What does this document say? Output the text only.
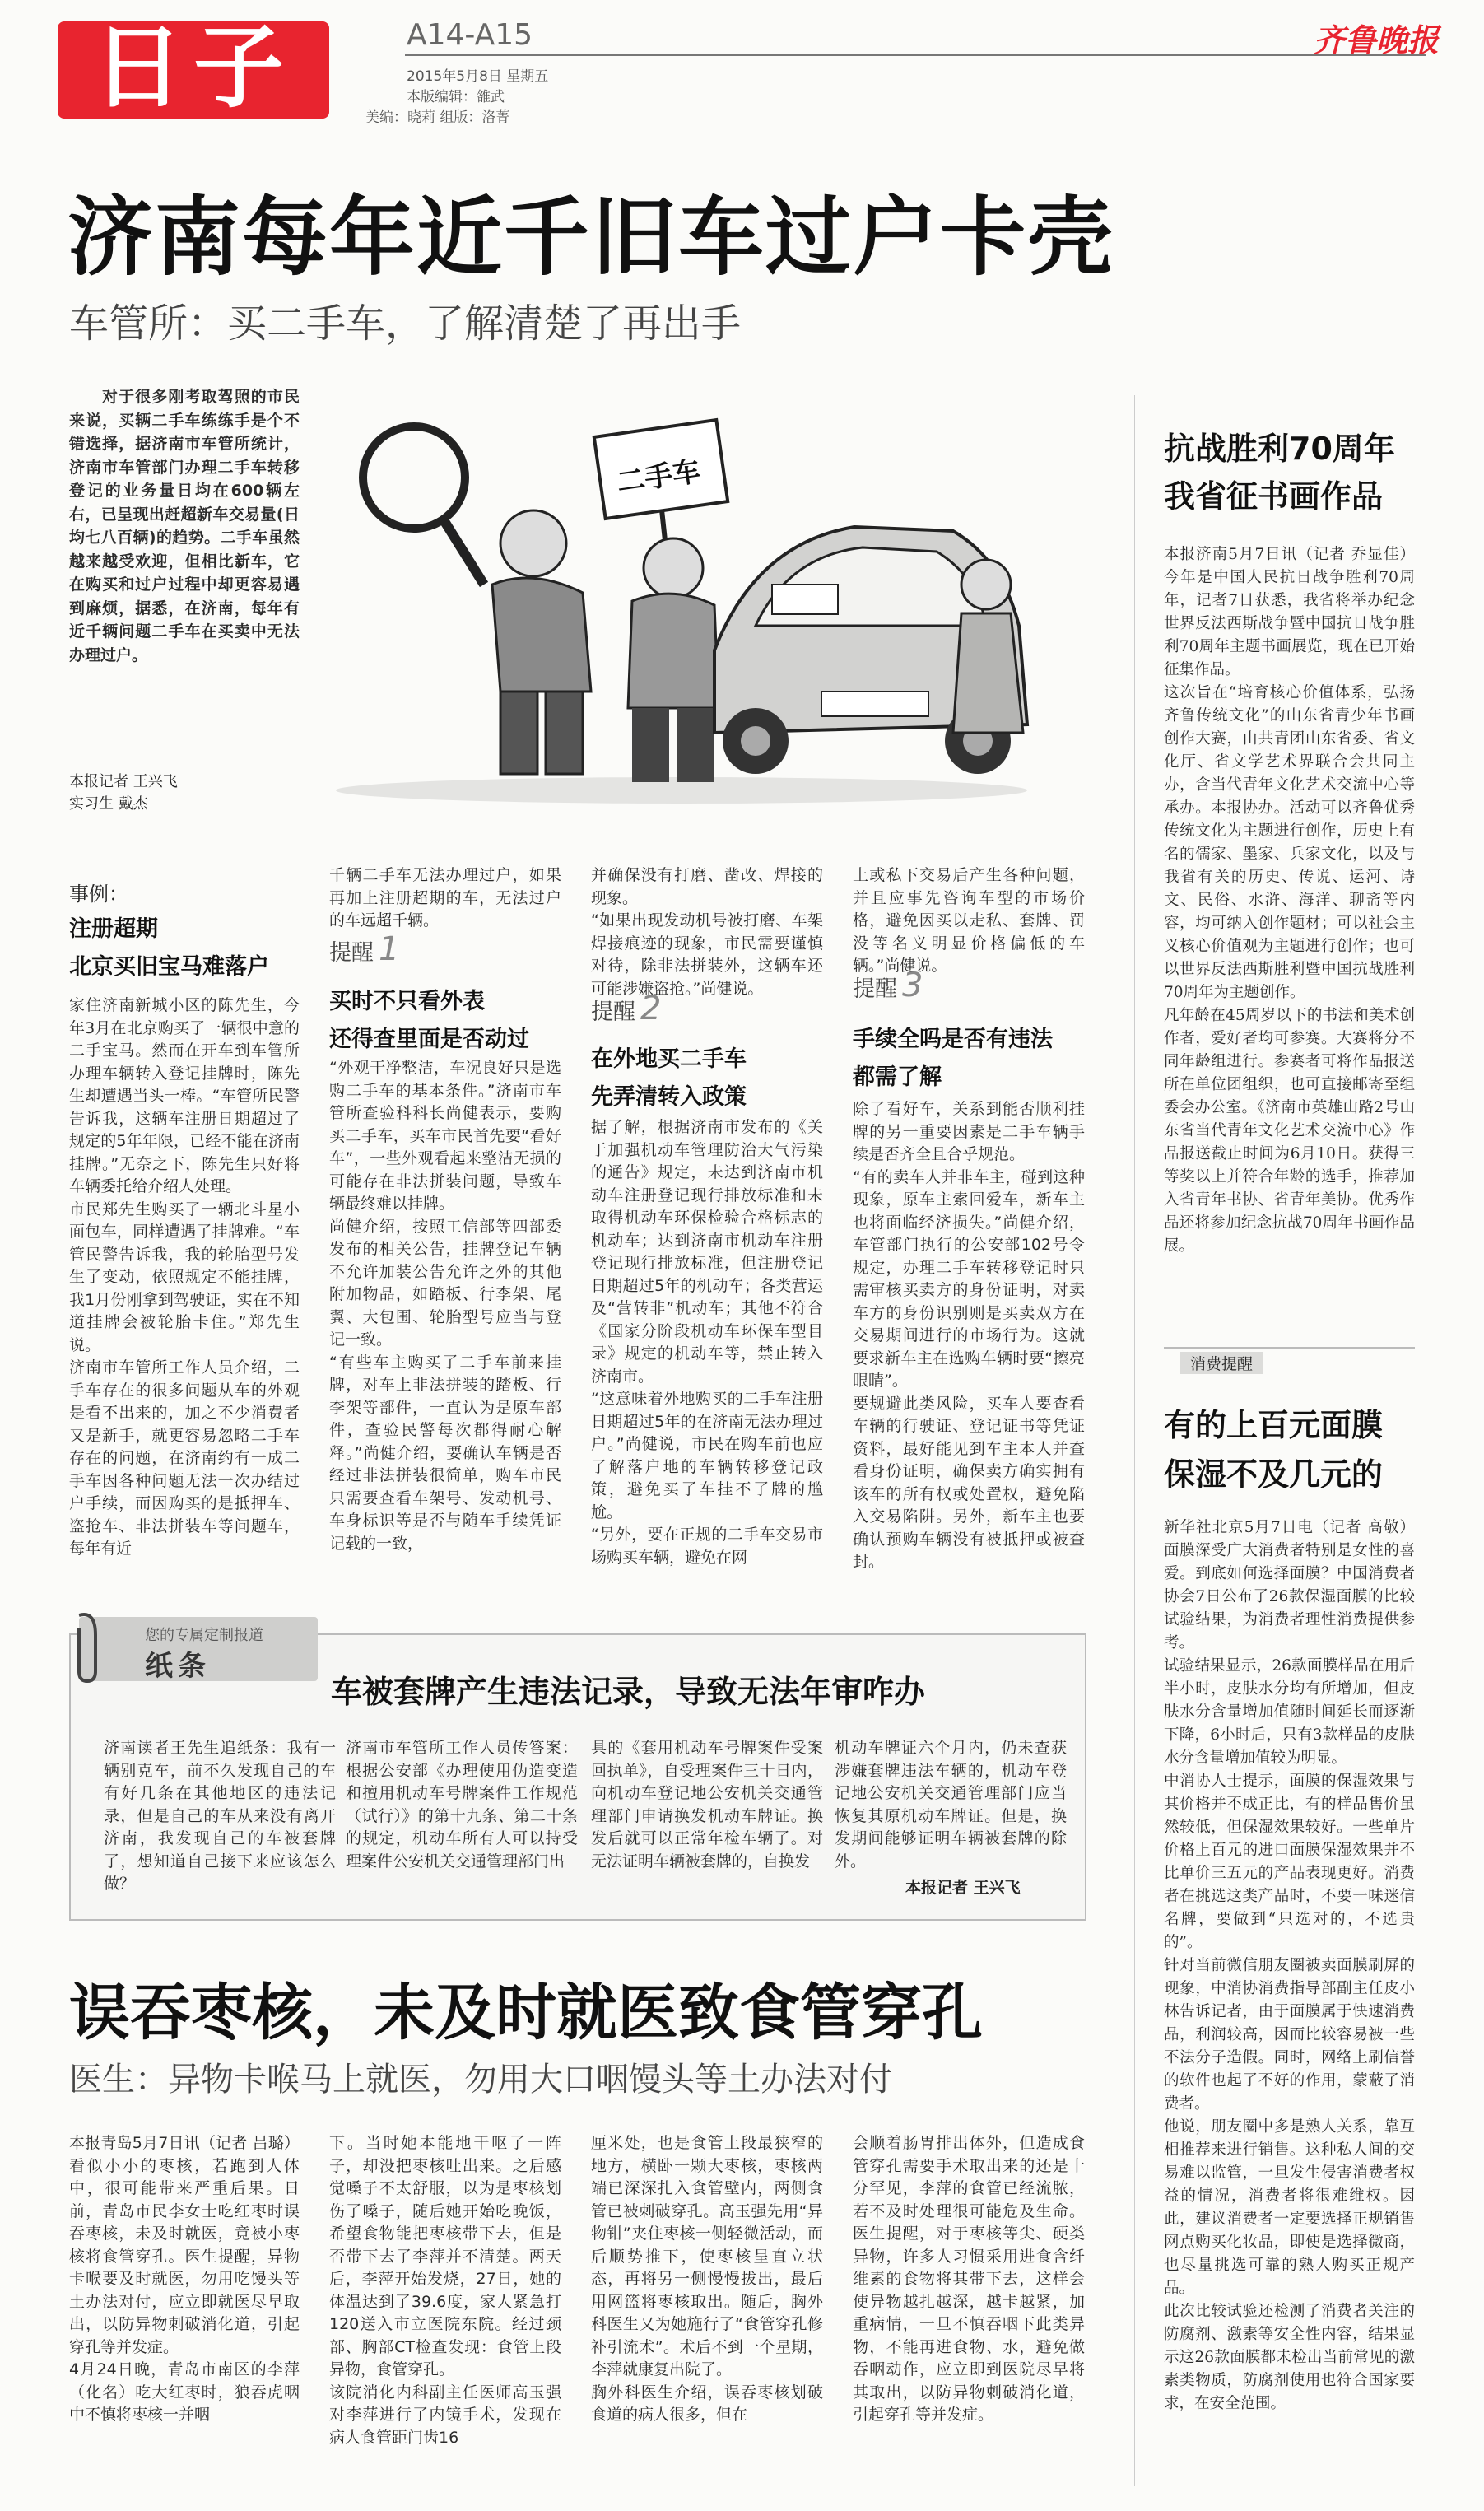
日子	A14-A15
2015年5月8日 星期五
本版编辑：雒武
美编：晓莉 组版：洛菁
齐鲁晚报
济南每年近千旧车过户卡壳
车管所：买二手车，了解清楚了再出手
对于很多刚考取驾照的市民来说，买辆二手车练练手是个不错选择，据济南市车管所统计，济南市车管部门办理二手车转移登记的业务量日均在600辆左右，已呈现出赶超新车交易量(日均七八百辆)的趋势。二手车虽然越来越受欢迎，但相比新车，它在购买和过户过程中却更容易遇到麻烦，据悉，在济南，每年有近千辆问题二手车在买卖中无法办理过户。
本报记者 王兴飞
实习生 戴杰
二手车
事例：
注册超期
北京买旧宝马难落户
家住济南新城小区的陈先生，今年3月在北京购买了一辆很中意的二手宝马。然而在开车到车管所办理车辆转入登记挂牌时，陈先生却遭遇当头一棒。“车管所民警告诉我，这辆车注册日期超过了规定的5年年限，已经不能在济南挂牌。”无奈之下，陈先生只好将车辆委托给介绍人处理。
市民郑先生购买了一辆北斗星小面包车，同样遭遇了挂牌难。“车管民警告诉我，我的轮胎型号发生了变动，依照规定不能挂牌，我1月份刚拿到驾驶证，实在不知道挂牌会被轮胎卡住。”郑先生说。
济南市车管所工作人员介绍，二手车存在的很多问题从车的外观是看不出来的，加之不少消费者又是新手，就更容易忽略二手车存在的问题，在济南约有一成二手车因各种问题无法一次办结过户手续，而因购买的是抵押车、盗抢车、非法拼装车等问题车，每年有近
千辆二手车无法办理过户，如果再加上注册超期的车，无法过户的车远超千辆。
提醒 1
买时不只看外表
还得查里面是否动过
“外观干净整洁，车况良好只是选购二手车的基本条件。”济南市车管所查验科科长尚健表示，要购买二手车，买车市民首先要“看好车”，一些外观看起来整洁无损的可能存在非法拼装问题，导致车辆最终难以挂牌。
尚健介绍，按照工信部等四部委发布的相关公告，挂牌登记车辆不允许加装公告允许之外的其他附加物品，如踏板、行李架、尾翼、大包围、轮胎型号应当与登记一致。
“有些车主购买了二手车前来挂牌，对车上非法拼装的踏板、行李架等部件，一直认为是原车部件，查验民警每次都得耐心解释。”尚健介绍，要确认车辆是否经过非法拼装很简单，购车市民只需要查看车架号、发动机号、车身标识等是否与随车手续凭证记载的一致，
并确保没有打磨、凿改、焊接的现象。
“如果出现发动机号被打磨、车架焊接痕迹的现象，市民需要谨慎对待，除非法拼装外，这辆车还可能涉嫌盗抢。”尚健说。
提醒 2
在外地买二手车
先弄清转入政策
据了解，根据济南市发布的《关于加强机动车管理防治大气污染的通告》规定，未达到济南市机动车注册登记现行排放标准和未取得机动车环保检验合格标志的机动车；达到济南市机动车注册登记现行排放标准，但注册登记日期超过5年的机动车；各类营运及“营转非”机动车；其他不符合《国家分阶段机动车环保车型目录》规定的机动车等，禁止转入济南市。
“这意味着外地购买的二手车注册日期超过5年的在济南无法办理过户。”尚健说，市民在购车前也应了解落户地的车辆转移登记政策，避免买了车挂不了牌的尴尬。
“另外，要在正规的二手车交易市场购买车辆，避免在网
上或私下交易后产生各种问题，并且应事先咨询车型的市场价格，避免因买以走私、套牌、罚没等名义明显价格偏低的车辆。”尚健说。
提醒 3
手续全吗是否有违法
都需了解
除了看好车，关系到能否顺利挂牌的另一重要因素是二手车辆手续是否齐全且合乎规范。
“有的卖车人并非车主，碰到这种现象，原车主索回爱车，新车主也将面临经济损失。”尚健介绍，车管部门执行的公安部102号令规定，办理二手车转移登记时只需审核买卖方的身份证明，对卖车方的身份识别则是买卖双方在交易期间进行的市场行为。这就要求新车主在选购车辆时要“擦亮眼睛”。
要规避此类风险，买车人要查看车辆的行驶证、登记证书等凭证资料，最好能见到车主本人并查看身份证明，确保卖方确实拥有该车的所有权或处置权，避免陷入交易陷阱。另外，新车主也要确认预购车辆没有被抵押或被查封。
您的专属定制报道
纸条
车被套牌产生违法记录，导致无法年审咋办
济南读者王先生追纸条：我有一辆别克车，前不久发现自己的车有好几条在其他地区的违法记录，但是自己的车从来没有离开济南，我发现自己的车被套牌了，想知道自己接下来应该怎么做？
济南市车管所工作人员传答案：根据公安部《办理使用伪造变造和擅用机动车号牌案件工作规范（试行）》的第十九条、第二十条的规定，机动车所有人可以持受理案件公安机关交通管理部门出
具的《套用机动车号牌案件受案回执单》，自受理案件三十日内，向机动车登记地公安机关交通管理部门申请换发机动车牌证。换发后就可以正常年检车辆了。对无法证明车辆被套牌的，自换发
机动车牌证六个月内，仍未查获涉嫌套牌违法车辆的，机动车登记地公安机关交通管理部门应当恢复其原机动车牌证。但是，换发期间能够证明车辆被套牌的除外。
本报记者 王兴飞
误吞枣核，未及时就医致食管穿孔
医生：异物卡喉马上就医，勿用大口咽馒头等土办法对付
本报青岛5月7日讯（记者 吕璐）看似小小的枣核，若跑到人体中，很可能带来严重后果。日前，青岛市民李女士吃红枣时误吞枣核，未及时就医，竟被小枣核将食管穿孔。医生提醒，异物卡喉要及时就医，勿用吃馒头等土办法对付，应立即就医尽早取出，以防异物刺破消化道，引起穿孔等并发症。
4月24日晚，青岛市南区的李萍（化名）吃大红枣时，狼吞虎咽中不慎将枣核一并咽
下。当时她本能地干呕了一阵子，却没把枣核吐出来。之后感觉嗓子不太舒服，以为是枣核划伤了嗓子，随后她开始吃晚饭，希望食物能把枣核带下去，但是否带下去了李萍并不清楚。两天后，李萍开始发烧，27日，她的体温达到了39.6度，家人紧急打120送入市立医院东院。经过颈部、胸部CT检查发现：食管上段异物，食管穿孔。
该院消化内科副主任医师高玉强对李萍进行了内镜手术，发现在病人食管距门齿16
厘米处，也是食管上段最狭窄的地方，横卧一颗大枣核，枣核两端已深深扎入食管壁内，两侧食管已被刺破穿孔。高玉强先用“异物钳”夹住枣核一侧轻微活动，而后顺势推下，使枣核呈直立状态，再将另一侧慢慢拔出，最后用网篮将枣核取出。随后，胸外科医生又为她施行了“食管穿孔修补引流术”。术后不到一个星期，李萍就康复出院了。
胸外科医生介绍，误吞枣核划破食道的病人很多，但在
会顺着肠胃排出体外，但造成食管穿孔需要手术取出来的还是十分罕见，李萍的食管已经流脓，若不及时处理很可能危及生命。医生提醒，对于枣核等尖、硬类异物，许多人习惯采用进食含纤维素的食物将其带下去，这样会使异物越扎越深，越卡越紧，加重病情，一旦不慎吞咽下此类异物，不能再进食物、水，避免做吞咽动作，应立即到医院尽早将其取出，以防异物刺破消化道，引起穿孔等并发症。
抗战胜利70周年
我省征书画作品
本报济南5月7日讯（记者 乔显佳）今年是中国人民抗日战争胜利70周年，记者7日获悉，我省将举办纪念世界反法西斯战争暨中国抗日战争胜利70周年主题书画展览，现在已开始征集作品。
这次旨在“培育核心价值体系，弘扬齐鲁传统文化”的山东省青少年书画创作大赛，由共青团山东省委、省文化厅、省文学艺术界联合会共同主办，含当代青年文化艺术交流中心等承办。本报协办。活动可以齐鲁优秀传统文化为主题进行创作，历史上有名的儒家、墨家、兵家文化，以及与我省有关的历史、传说、运河、诗文、民俗、水浒、海洋、聊斋等内容，均可纳入创作题材；可以社会主义核心价值观为主题进行创作；也可以世界反法西斯胜利暨中国抗战胜利70周年为主题创作。
凡年龄在45周岁以下的书法和美术创作者，爱好者均可参赛。大赛将分不同年龄组进行。参赛者可将作品报送所在单位团组织，也可直接邮寄至组委会办公室。《济南市英雄山路2号山东省当代青年文化艺术交流中心》作品报送截止时间为6月10日。获得三等奖以上并符合年龄的选手，推荐加入省青年书协、省青年美协。优秀作品还将参加纪念抗战70周年书画作品展。
消费提醒
有的上百元面膜
保湿不及几元的
新华社北京5月7日电（记者 高敬）面膜深受广大消费者特别是女性的喜爱。到底如何选择面膜？中国消费者协会7日公布了26款保湿面膜的比较试验结果，为消费者理性消费提供参考。
试验结果显示，26款面膜样品在用后半小时，皮肤水分均有所增加，但皮肤水分含量增加值随时间延长而逐渐下降，6小时后，只有3款样品的皮肤水分含量增加值较为明显。
中消协人士提示，面膜的保湿效果与其价格并不成正比，有的样品售价虽然较低，但保湿效果较好。一些单片价格上百元的进口面膜保湿效果并不比单价三五元的产品表现更好。消费者在挑选这类产品时，不要一味迷信名牌，要做到“只选对的，不选贵的”。
针对当前微信朋友圈被卖面膜刷屏的现象，中消协消费指导部副主任皮小林告诉记者，由于面膜属于快速消费品，利润较高，因而比较容易被一些不法分子造假。同时，网络上刷信誉的软件也起了不好的作用，蒙蔽了消费者。
他说，朋友圈中多是熟人关系，靠互相推荐来进行销售。这种私人间的交易难以监管，一旦发生侵害消费者权益的情况，消费者将很难维权。因此，建议消费者一定要选择正规销售网点购买化妆品，即使是选择微商，也尽量挑选可靠的熟人购买正规产品。
此次比较试验还检测了消费者关注的防腐剂、激素等安全性内容，结果显示这26款面膜都未检出当前常见的激素类物质，防腐剂使用也符合国家要求，在安全范围。
